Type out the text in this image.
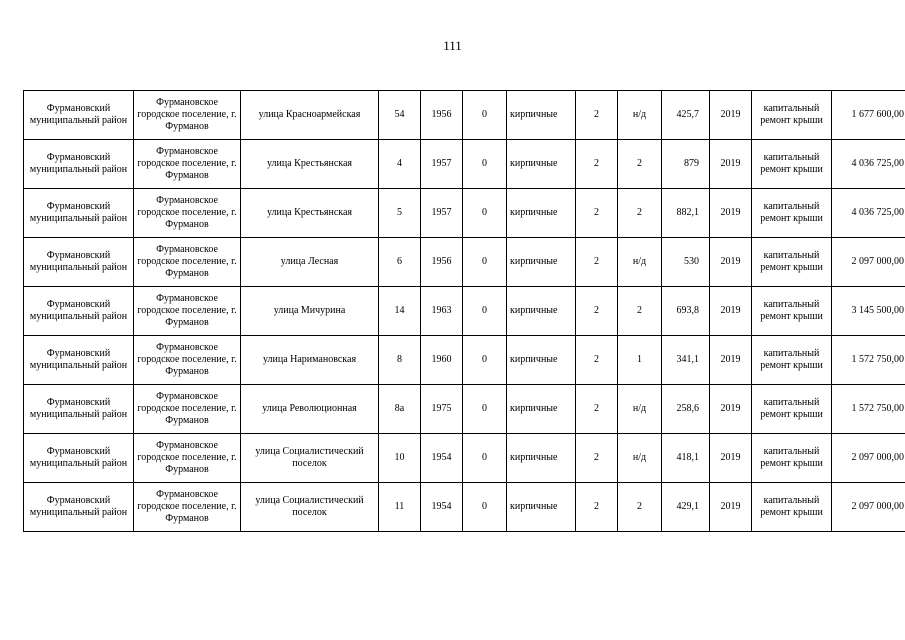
111
Фурмановский муниципальный район	Фурмановское городское поселение, г. Фурманов	улица Красноармейская	54	1956	0	кирпичные	2	н/д	425,7	2019	капитальный ремонт крыши	1 677 600,00
Фурмановский муниципальный район	Фурмановское городское поселение, г. Фурманов	улица Крестьянская	4	1957	0	кирпичные	2	2	879	2019	капитальный ремонт крыши	4 036 725,00
Фурмановский муниципальный район	Фурмановское городское поселение, г. Фурманов	улица Крестьянская	5	1957	0	кирпичные	2	2	882,1	2019	капитальный ремонт крыши	4 036 725,00
Фурмановский муниципальный район	Фурмановское городское поселение, г. Фурманов	улица Лесная	6	1956	0	кирпичные	2	н/д	530	2019	капитальный ремонт крыши	2 097 000,00
Фурмановский муниципальный район	Фурмановское городское поселение, г. Фурманов	улица Мичурина	14	1963	0	кирпичные	2	2	693,8	2019	капитальный ремонт крыши	3 145 500,00
Фурмановский муниципальный район	Фурмановское городское поселение, г. Фурманов	улица Наримановская	8	1960	0	кирпичные	2	1	341,1	2019	капитальный ремонт крыши	1 572 750,00
Фурмановский муниципальный район	Фурмановское городское поселение, г. Фурманов	улица Революционная	8а	1975	0	кирпичные	2	н/д	258,6	2019	капитальный ремонт крыши	1 572 750,00
Фурмановский муниципальный район	Фурмановское городское поселение, г. Фурманов	улица Социалистический поселок	10	1954	0	кирпичные	2	н/д	418,1	2019	капитальный ремонт крыши	2 097 000,00
Фурмановский муниципальный район	Фурмановское городское поселение, г. Фурманов	улица Социалистический поселок	11	1954	0	кирпичные	2	2	429,1	2019	капитальный ремонт крыши	2 097 000,00
